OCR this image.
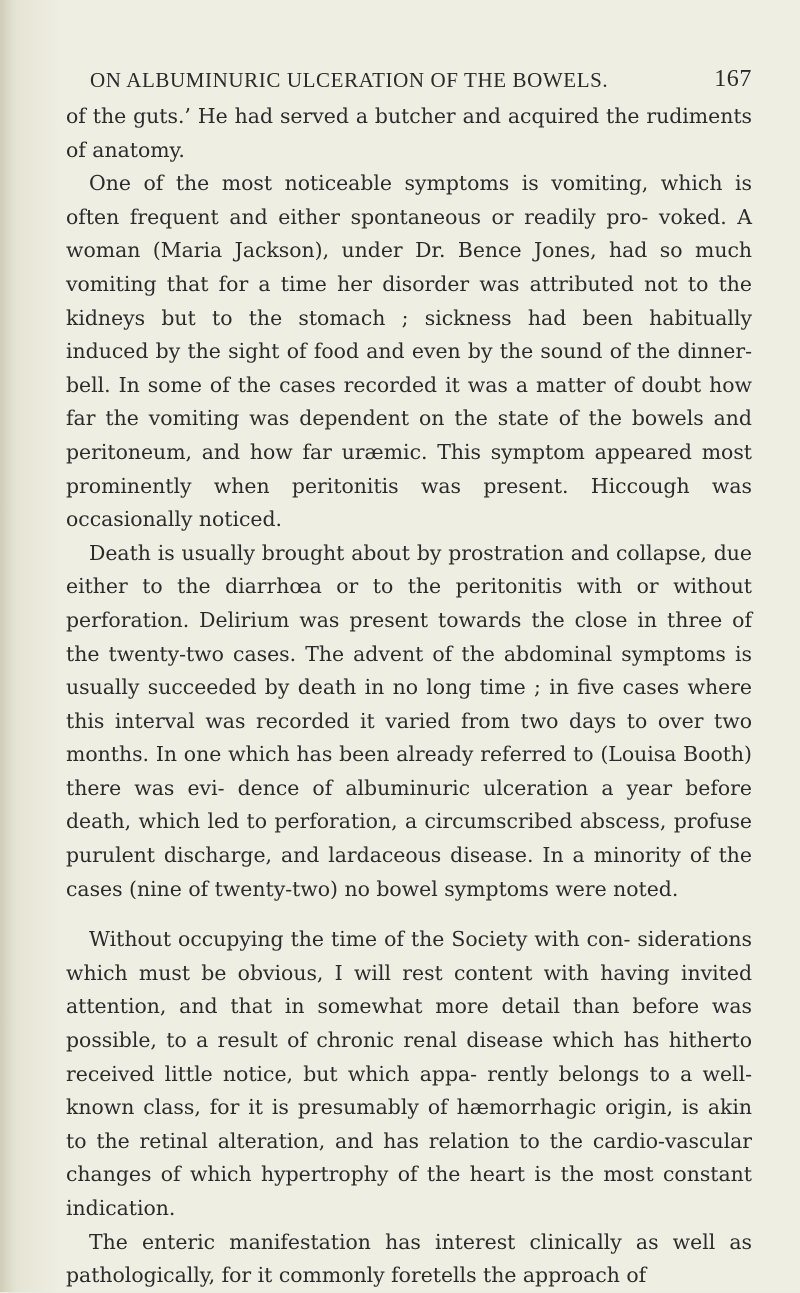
ON ALBUMINURIC ULCERATION OF THE BOWELS.	167

of the guts.’ He had served a butcher and acquired the rudiments of anatomy.

One of the most noticeable symptoms is vomiting, which is often frequent and either spontaneous or readily pro- voked. A woman (Maria Jackson), under Dr. Bence Jones, had so much vomiting that for a time her disorder was attributed not to the kidneys but to the stomach ; sickness had been habitually induced by the sight of food and even by the sound of the dinner-bell. In some of the cases recorded it was a matter of doubt how far the vomiting was dependent on the state of the bowels and peritoneum, and how far uræmic. This symptom appeared most prominently when peritonitis was present. Hiccough was occasionally noticed.

Death is usually brought about by prostration and collapse, due either to the diarrhœa or to the peritonitis with or without perforation. Delirium was present towards the close in three of the twenty-two cases. The advent of the abdominal symptoms is usually succeeded by death in no long time ; in five cases where this interval was recorded it varied from two days to over two months. In one which has been already referred to (Louisa Booth) there was evi- dence of albuminuric ulceration a year before death, which led to perforation, a circumscribed abscess, profuse purulent discharge, and lardaceous disease. In a minority of the cases (nine of twenty-two) no bowel symptoms were noted.

Without occupying the time of the Society with con- siderations which must be obvious, I will rest content with having invited attention, and that in somewhat more detail than before was possible, to a result of chronic renal disease which has hitherto received little notice, but which appa- rently belongs to a well-known class, for it is presumably of hæmorrhagic origin, is akin to the retinal alteration, and has relation to the cardio-vascular changes of which hypertrophy of the heart is the most constant indication.

The enteric manifestation has interest clinically as well as pathologically, for it commonly foretells the approach of
